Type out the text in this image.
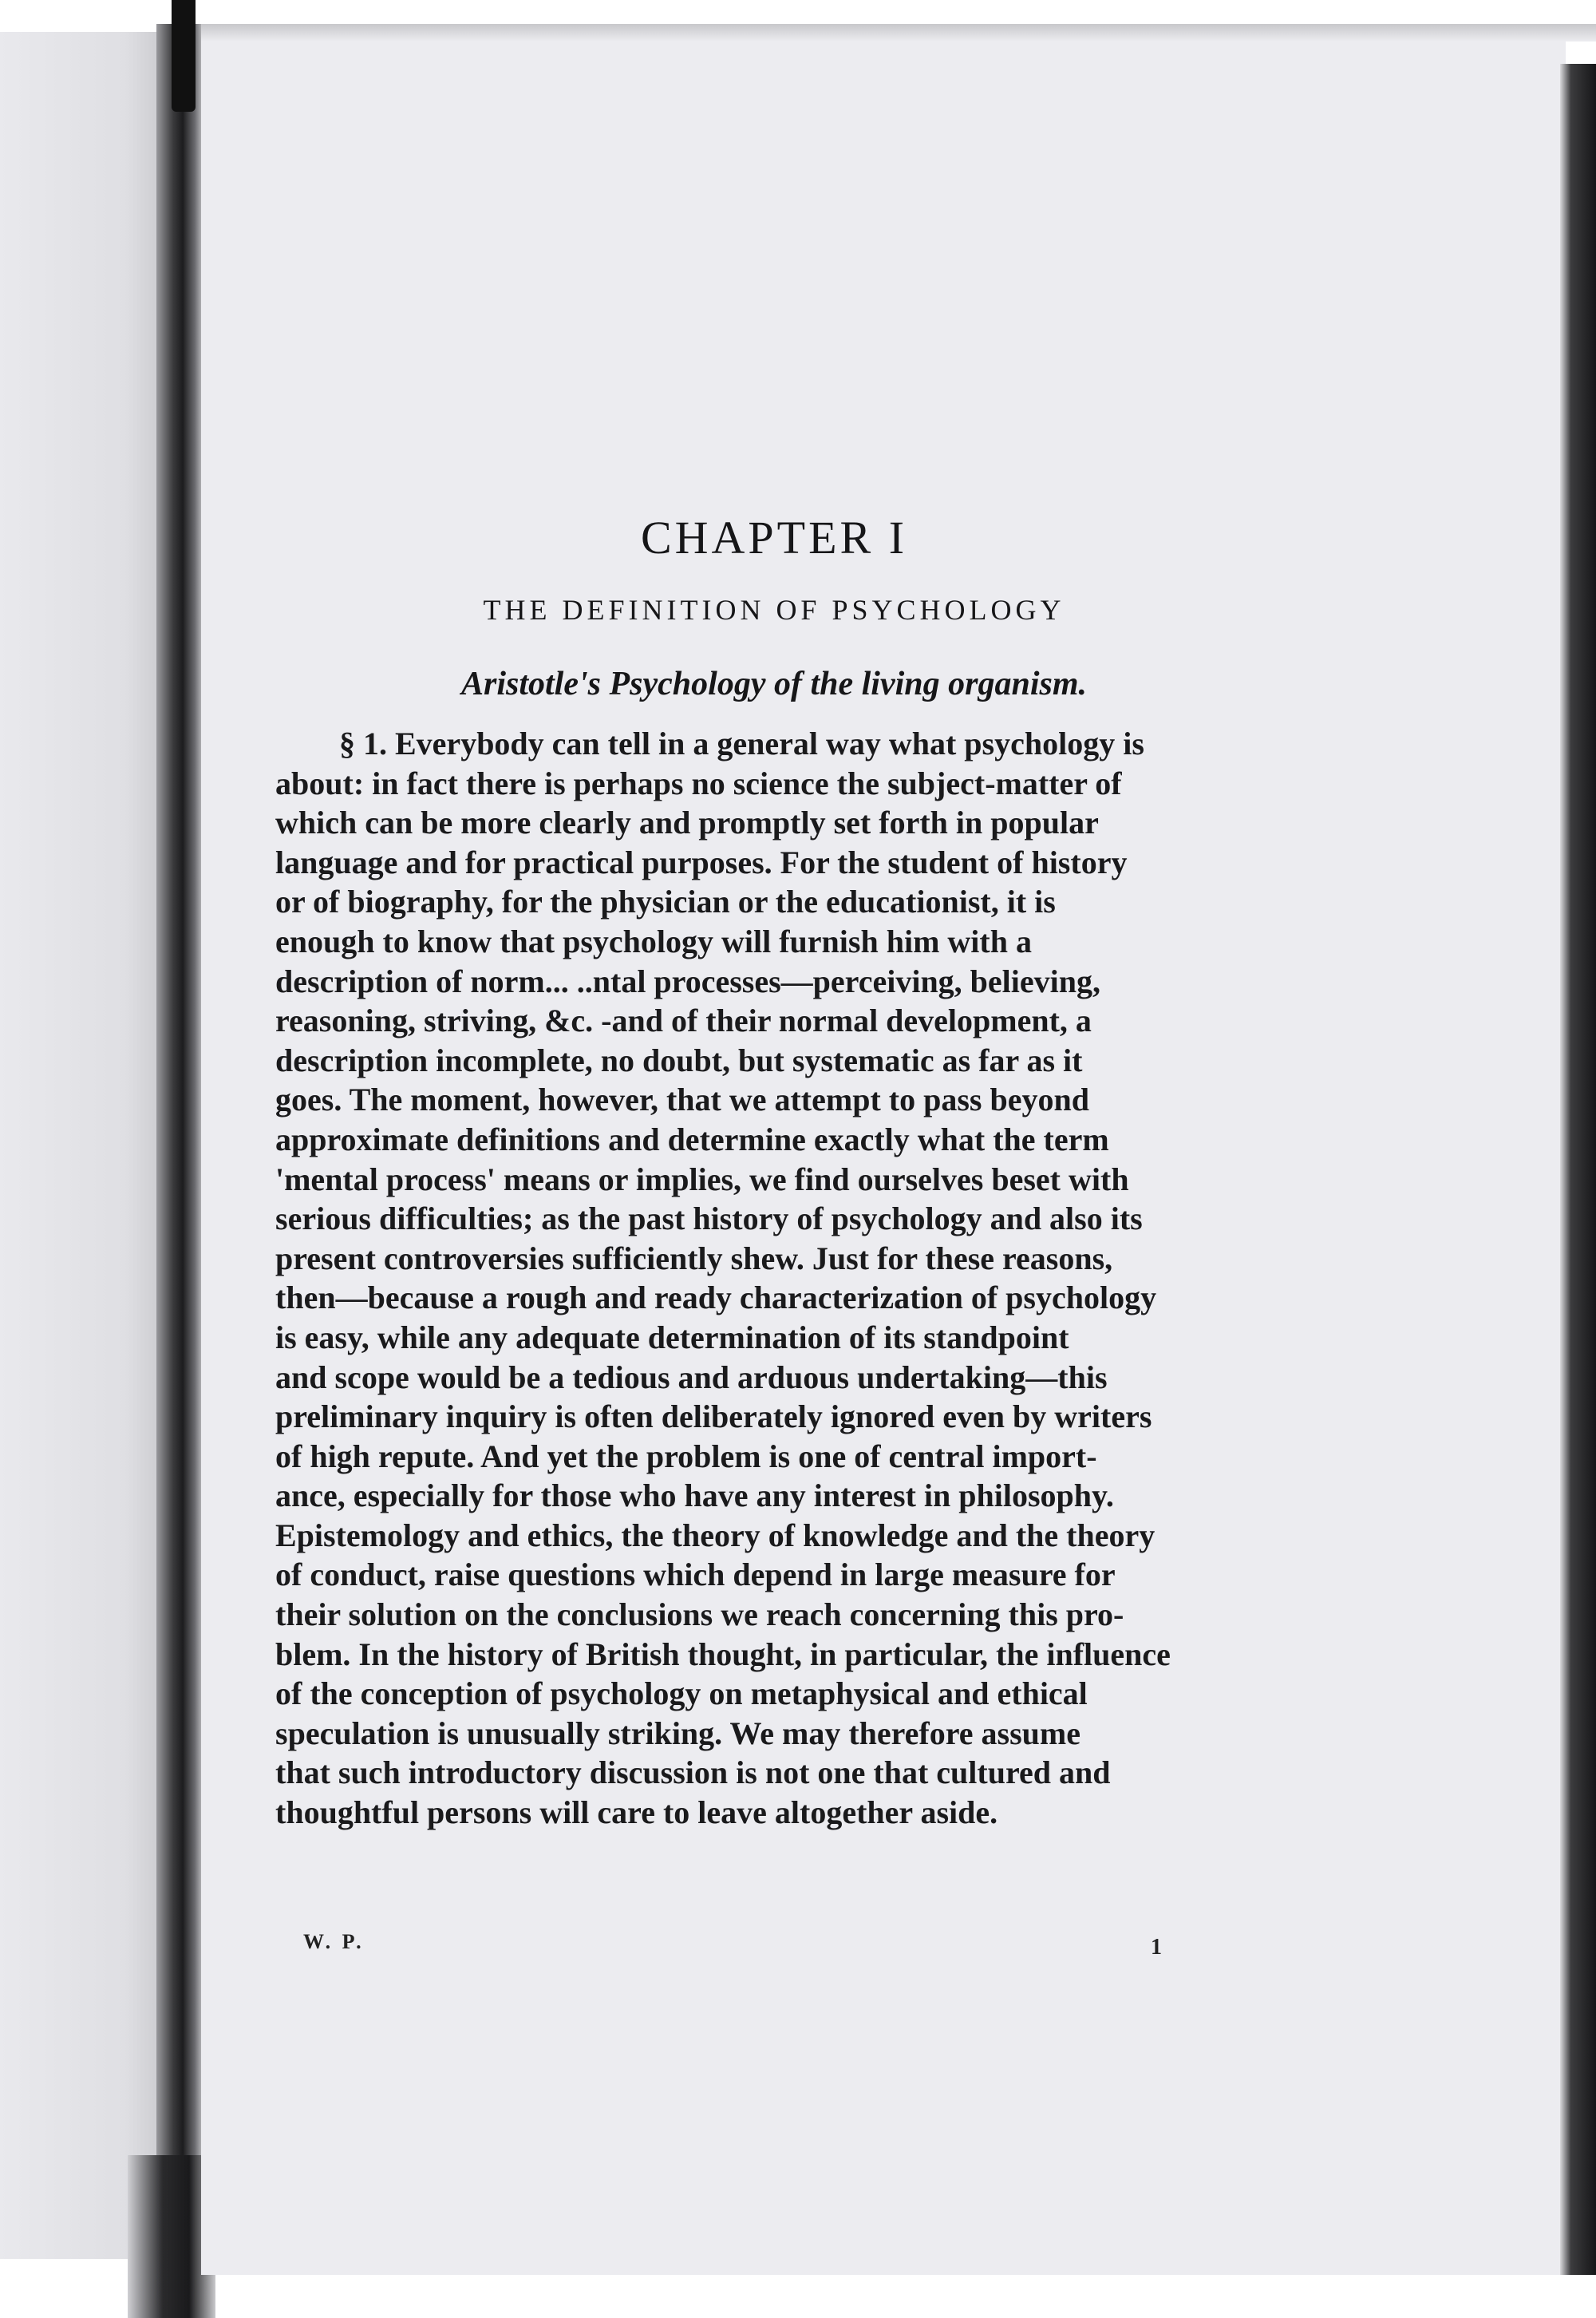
CHAPTER I
THE DEFINITION OF PSYCHOLOGY
Aristotle's Psychology of the living organism.
§ 1. Everybody can tell in a general way what psychology is
about: in fact there is perhaps no science the subject-matter of
which can be more clearly and promptly set forth in popular
language and for practical purposes. For the student of history
or of biography, for the physician or the educationist, it is
enough to know that psychology will furnish him with a
description of norm... ..ntal processes—perceiving, believing,
reasoning, striving, &c. -and of their normal development, a
description incomplete, no doubt, but systematic as far as it
goes. The moment, however, that we attempt to pass beyond
approximate definitions and determine exactly what the term
'mental process' means or implies, we find ourselves beset with
serious difficulties; as the past history of psychology and also its
present controversies sufficiently shew. Just for these reasons,
then—because a rough and ready characterization of psychology
is easy, while any adequate determination of its standpoint
and scope would be a tedious and arduous undertaking—this
preliminary inquiry is often deliberately ignored even by writers
of high repute. And yet the problem is one of central import-
ance, especially for those who have any interest in philosophy.
Epistemology and ethics, the theory of knowledge and the theory
of conduct, raise questions which depend in large measure for
their solution on the conclusions we reach concerning this pro-
blem. In the history of British thought, in particular, the influence
of the conception of psychology on metaphysical and ethical
speculation is unusually striking. We may therefore assume
that such introductory discussion is not one that cultured and
thoughtful persons will care to leave altogether aside.
W. P.	1
